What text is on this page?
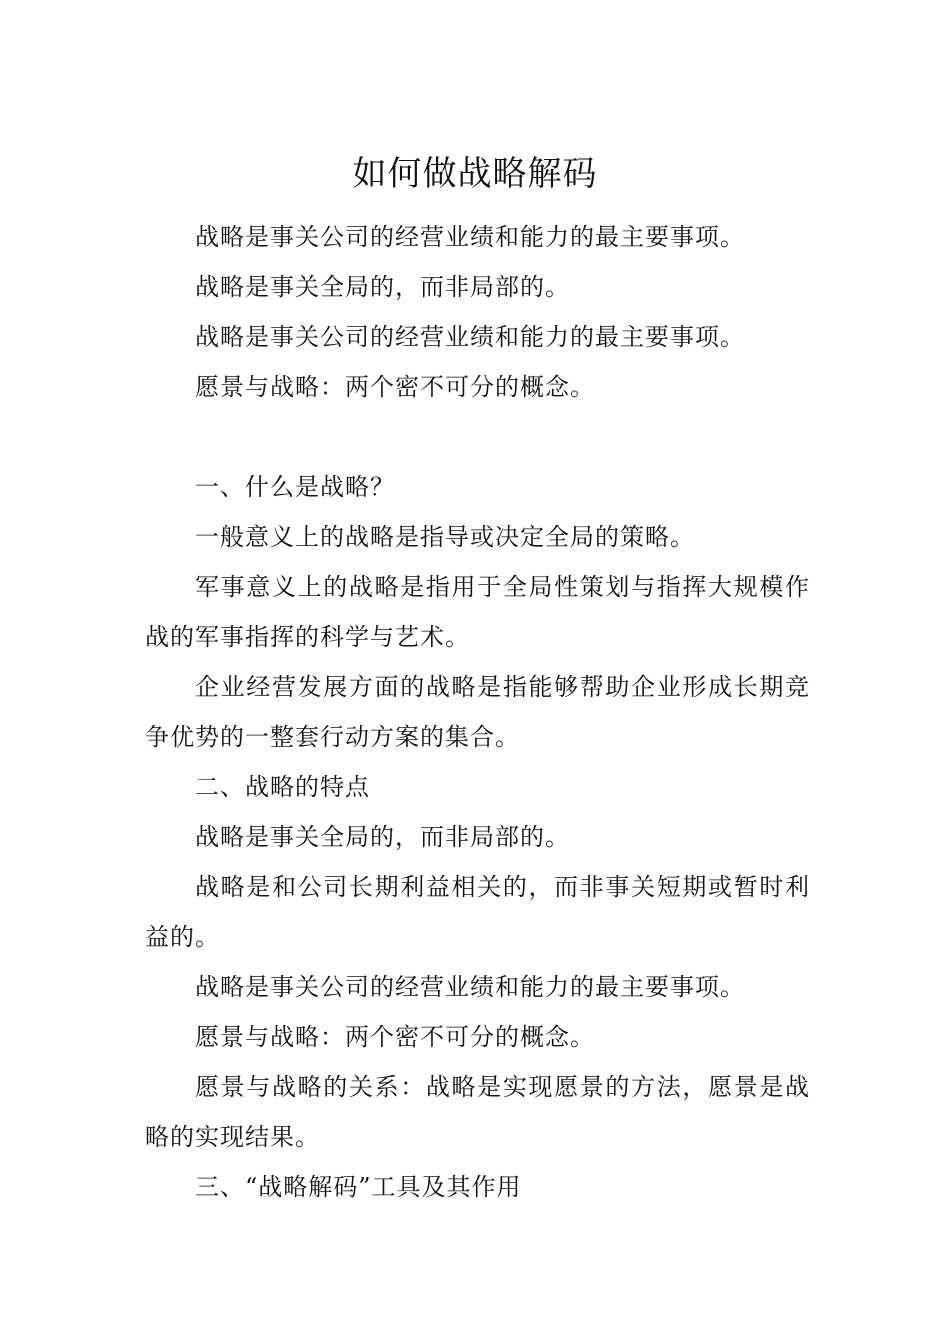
如何做战略解码

战略是事关公司的经营业绩和能力的最主要事项。

战略是事关全局的，而非局部的。

战略是事关公司的经营业绩和能力的最主要事项。

愿景与战略：两个密不可分的概念。

一、什么是战略？

一般意义上的战略是指导或决定全局的策略。

军事意义上的战略是指用于全局性策划与指挥大规模作战的军事指挥的科学与艺术。

企业经营发展方面的战略是指能够帮助企业形成长期竞争优势的一整套行动方案的集合。

二、战略的特点

战略是事关全局的，而非局部的。

战略是和公司长期利益相关的，而非事关短期或暂时利益的。

战略是事关公司的经营业绩和能力的最主要事项。

愿景与战略：两个密不可分的概念。

愿景与战略的关系：战略是实现愿景的方法，愿景是战略的实现结果。

三、“战略解码”工具及其作用
